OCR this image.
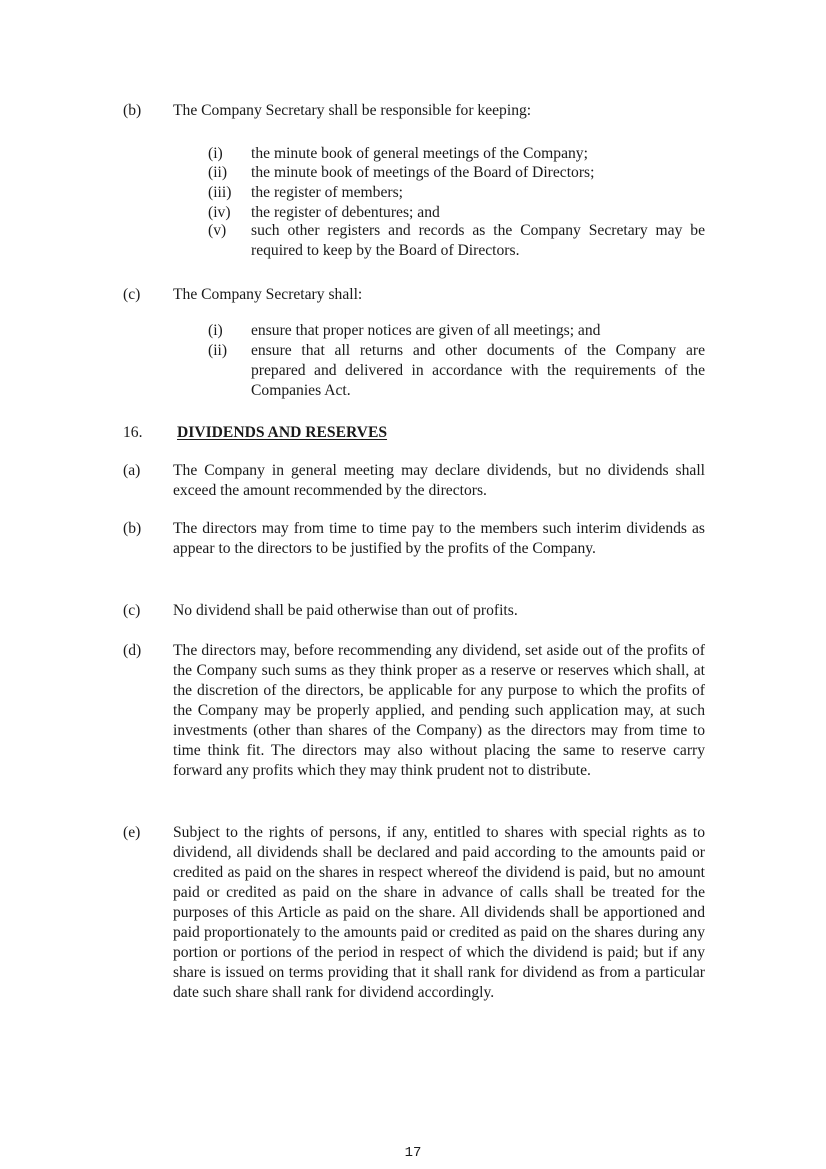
(b) The Company Secretary shall be responsible for keeping:

(i) the minute book of general meetings of the Company;

(ii) the minute book of meetings of the Board of Directors;

(iii) the register of members;

(iv) the register of debentures; and

(v) such other registers and records as the Company Secretary may be required to keep by the Board of Directors.

(c) The Company Secretary shall:

(i) ensure that proper notices are given of all meetings; and

(ii) ensure that all returns and other documents of the Company are prepared and delivered in accordance with the requirements of the Companies Act.

16. DIVIDENDS AND RESERVES
(a) The Company in general meeting may declare dividends, but no dividends shall exceed the amount recommended by the directors.

(b) The directors may from time to time pay to the members such interim dividends as appear to the directors to be justified by the profits of the Company.

(c) No dividend shall be paid otherwise than out of profits.

(d) The directors may, before recommending any dividend, set aside out of the profits of the Company such sums as they think proper as a reserve or reserves which shall, at the discretion of the directors, be applicable for any purpose to which the profits of the Company may be properly applied, and pending such application may, at such investments (other than shares of the Company) as the directors may from time to time think fit. The directors may also without placing the same to reserve carry forward any profits which they may think prudent not to distribute.

(e) Subject to the rights of persons, if any, entitled to shares with special rights as to dividend, all dividends shall be declared and paid according to the amounts paid or credited as paid on the shares in respect whereof the dividend is paid, but no amount paid or credited as paid on the share in advance of calls shall be treated for the purposes of this Article as paid on the share. All dividends shall be apportioned and paid proportionately to the amounts paid or credited as paid on the shares during any portion or portions of the period in respect of which the dividend is paid; but if any share is issued on terms providing that it shall rank for dividend as from a particular date such share shall rank for dividend accordingly.

17
